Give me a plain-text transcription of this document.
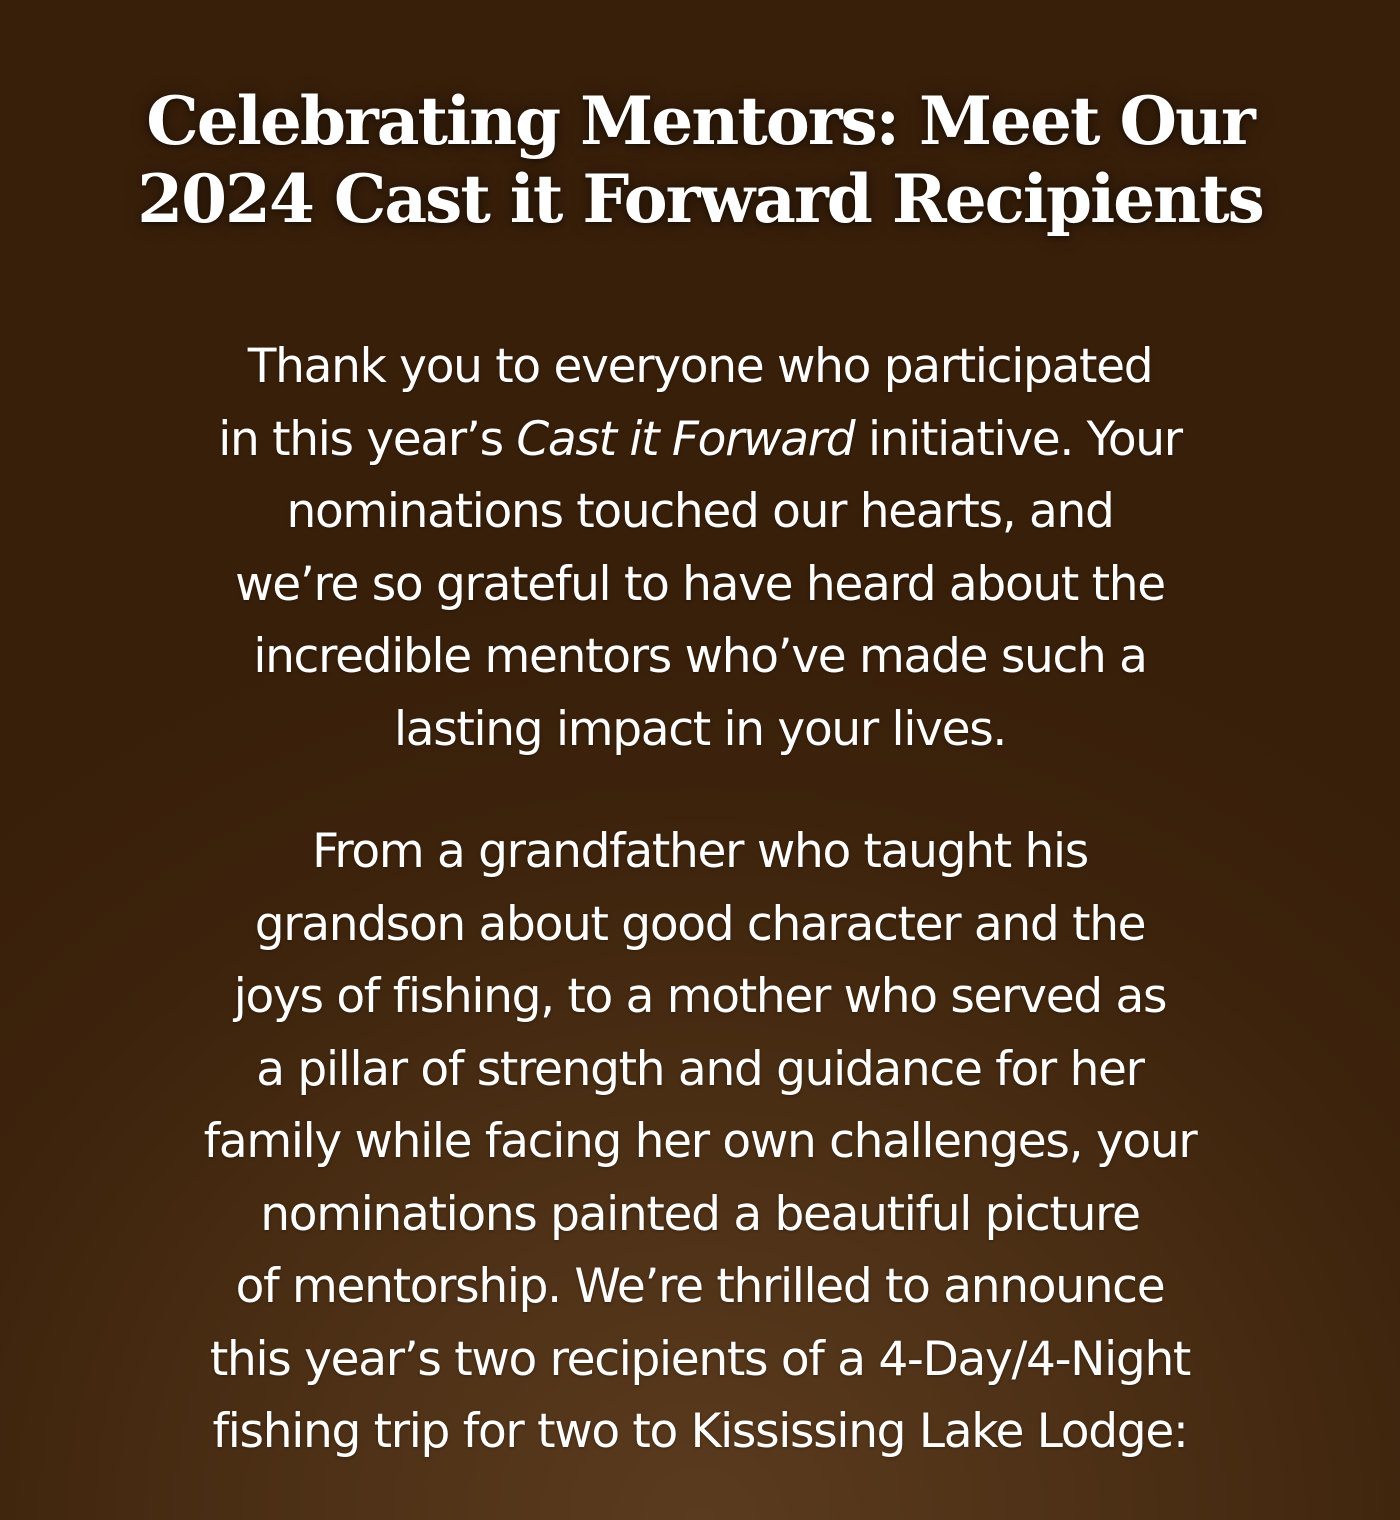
Celebrating Mentors: Meet Our
2024 Cast it Forward Recipients

Thank you to everyone who participated
in this year’s Cast it Forward initiative. Your
nominations touched our hearts, and
we’re so grateful to have heard about the
incredible mentors who’ve made such a
lasting impact in your lives.

From a grandfather who taught his
grandson about good character and the
joys of fishing, to a mother who served as
a pillar of strength and guidance for her
family while facing her own challenges, your
nominations painted a beautiful picture
of mentorship. We’re thrilled to announce
this year’s two recipients of a 4-Day/4-Night
fishing trip for two to Kississing Lake Lodge:
